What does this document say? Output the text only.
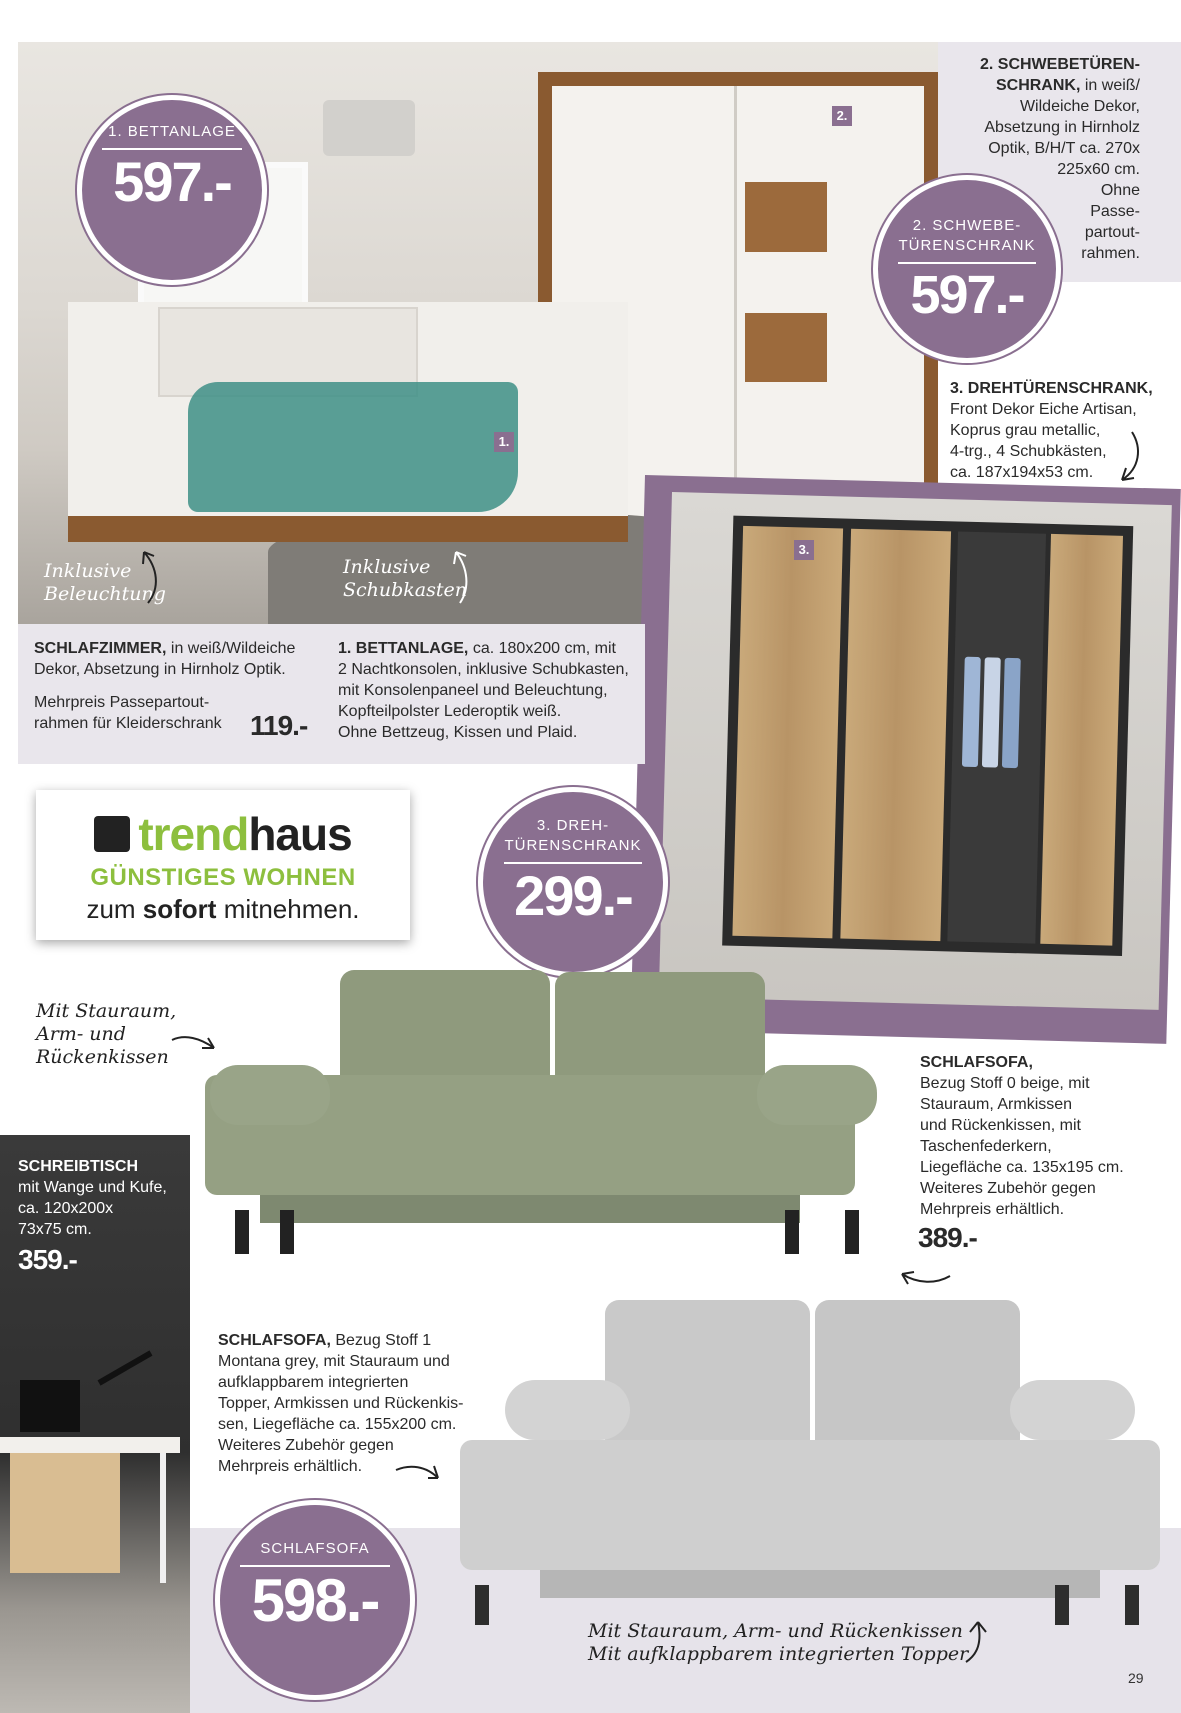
1.
2.
Inklusive
Beleuchtung
Inklusive
Schubkasten
2. SCHWEBETÜREN-
SCHRANK, in weiß/
Wildeiche Dekor,
Absetzung in Hirnholz
Optik, B/H/T ca. 270x
225x60 cm.
Ohne
Passe-
partout-
rahmen.
3. DREHTÜRENSCHRANK,
Front Dekor Eiche Artisan,
Koprus grau metallic,
4-trg., 4 Schubkästen,
ca. 187x194x53 cm.
3.
SCHLAFZIMMER, in weiß/Wildeiche
Dekor, Absetzung in Hirnholz Optik.
Mehrpreis Passepartout-
rahmen für Kleiderschrank	119.-
1. BETTANLAGE, ca. 180x200 cm, mit
2 Nachtkonsolen, inklusive Schubkasten,
mit Konsolenpaneel und Beleuchtung,
Kopfteilpolster Lederoptik weiß.
Ohne Bettzeug, Kissen und Plaid.
1. BETTANLAGE
597.-
2. SCHWEBE-
TÜRENSCHRANK
597.-
3. DREH-
TÜRENSCHRANK
299.-
trendhaus
GÜNSTIGES WOHNEN
zum sofort mitnehmen.
Mit Stauraum,
Arm- und
Rückenkissen	SCHLAFSOFA,
Bezug Stoff 0 beige, mit
Stauraum, Armkissen
und Rückenkissen, mit
Taschenfederkern,
Liegefläche ca. 135x195 cm.
Weiteres Zubehör gegen
Mehrpreis erhältlich.
389.-
SCHREIBTISCH
mit Wange und Kufe,
ca. 120x200x
73x75 cm.
359.-
SCHLAFSOFA, Bezug Stoff 1
Montana grey, mit Stauraum und
aufklappbarem integrierten
Topper, Armkissen und Rückenkis-
sen, Liegefläche ca. 155x200 cm.
Weiteres Zubehör gegen
Mehrpreis erhältlich.
SCHLAFSOFA
598.-	Mit Stauraum, Arm- und Rückenkissen
Mit aufklappbarem integrierten Topper
29
